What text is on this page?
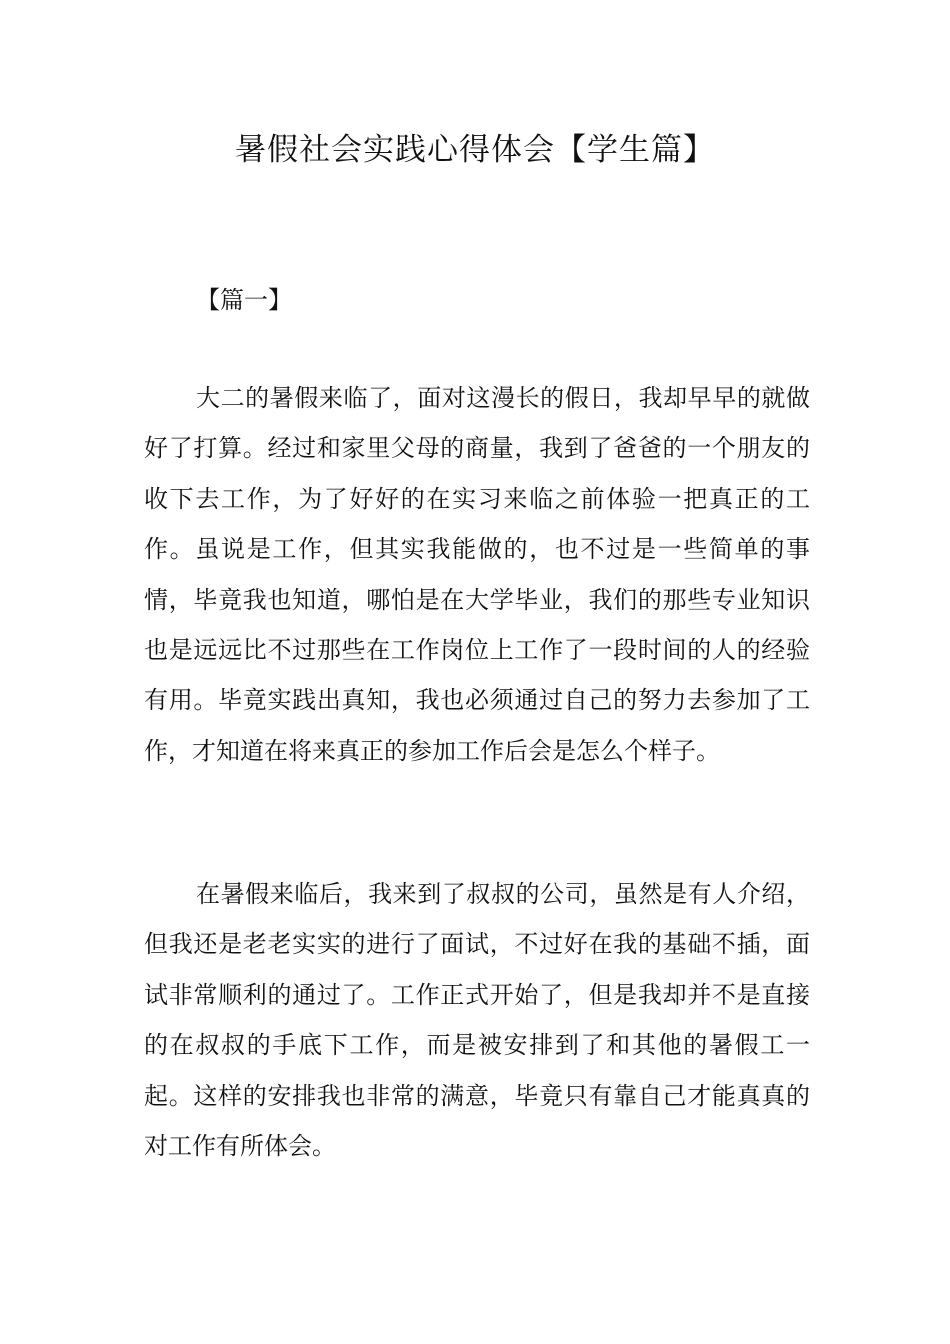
暑假社会实践心得体会【学生篇】
【篇一】

大二的暑假来临了，面对这漫长的假日，我却早早的就做好了打算。经过和家里父母的商量，我到了爸爸的一个朋友的收下去工作，为了好好的在实习来临之前体验一把真正的工作。虽说是工作，但其实我能做的，也不过是一些简单的事情，毕竟我也知道，哪怕是在大学毕业，我们的那些专业知识也是远远比不过那些在工作岗位上工作了一段时间的人的经验有用。毕竟实践出真知，我也必须通过自己的努力去参加了工作，才知道在将来真正的参加工作后会是怎么个样子。

在暑假来临后，我来到了叔叔的公司，虽然是有人介绍，但我还是老老实实的进行了面试，不过好在我的基础不插，面试非常顺利的通过了。工作正式开始了，但是我却并不是直接的在叔叔的手底下工作，而是被安排到了和其他的暑假工一起。这样的安排我也非常的满意，毕竟只有靠自己才能真真的对工作有所体会。
